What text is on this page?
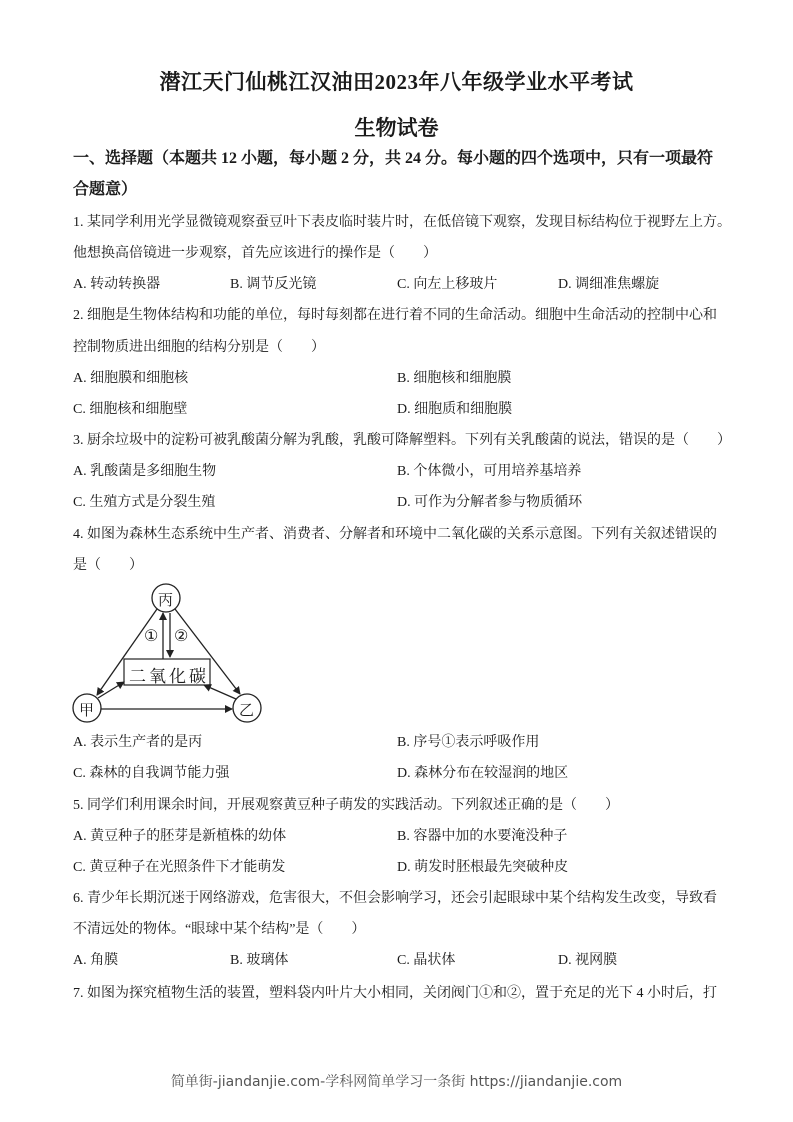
潜江天门仙桃江汉油田2023年八年级学业水平考试
生物试卷
一、选择题（本题共 12 小题，每小题 2 分，共 24 分。每小题的四个选项中，只有一项最符
合题意）
1. 某同学利用光学显微镜观察蚕豆叶下表皮临时装片时，在低倍镜下观察，发现目标结构位于视野左上方。
他想换高倍镜进一步观察，首先应该进行的操作是（　　）
A. 转动转换器	B. 调节反光镜	C. 向左上移玻片	D. 调细准焦螺旋
2. 细胞是生物体结构和功能的单位，每时每刻都在进行着不同的生命活动。细胞中生命活动的控制中心和
控制物质进出细胞的结构分别是（　　）
A. 细胞膜和细胞核	B. 细胞核和细胞膜
C. 细胞核和细胞壁	D. 细胞质和细胞膜
3. 厨余垃圾中的淀粉可被乳酸菌分解为乳酸，乳酸可降解塑料。下列有关乳酸菌的说法，错误的是（　　）
A. 乳酸菌是多细胞生物	B. 个体微小，可用培养基培养
C. 生殖方式是分裂生殖	D. 可作为分解者参与物质循环
4. 如图为森林生态系统中生产者、消费者、分解者和环境中二氧化碳的关系示意图。下列有关叙述错误的
是（　　）
丙
甲	乙
二氧化碳
① ②
A. 表示生产者的是丙	B. 序号①表示呼吸作用
C. 森林的自我调节能力强	D. 森林分布在较湿润的地区
5. 同学们利用课余时间，开展观察黄豆种子萌发的实践活动。下列叙述正确的是（　　）
A. 黄豆种子的胚芽是新植株的幼体	B. 容器中加的水要淹没种子
C. 黄豆种子在光照条件下才能萌发	D. 萌发时胚根最先突破种皮
6. 青少年长期沉迷于网络游戏，危害很大，不但会影响学习，还会引起眼球中某个结构发生改变，导致看
不清远处的物体。“眼球中某个结构”是（　　）
A. 角膜	B. 玻璃体	C. 晶状体	D. 视网膜
7. 如图为探究植物生活的装置，塑料袋内叶片大小相同，关闭阀门①和②，置于充足的光下 4 小时后，打
简单街-jiandanjie.com-学科网简单学习一条街 https://jiandanjie.com
